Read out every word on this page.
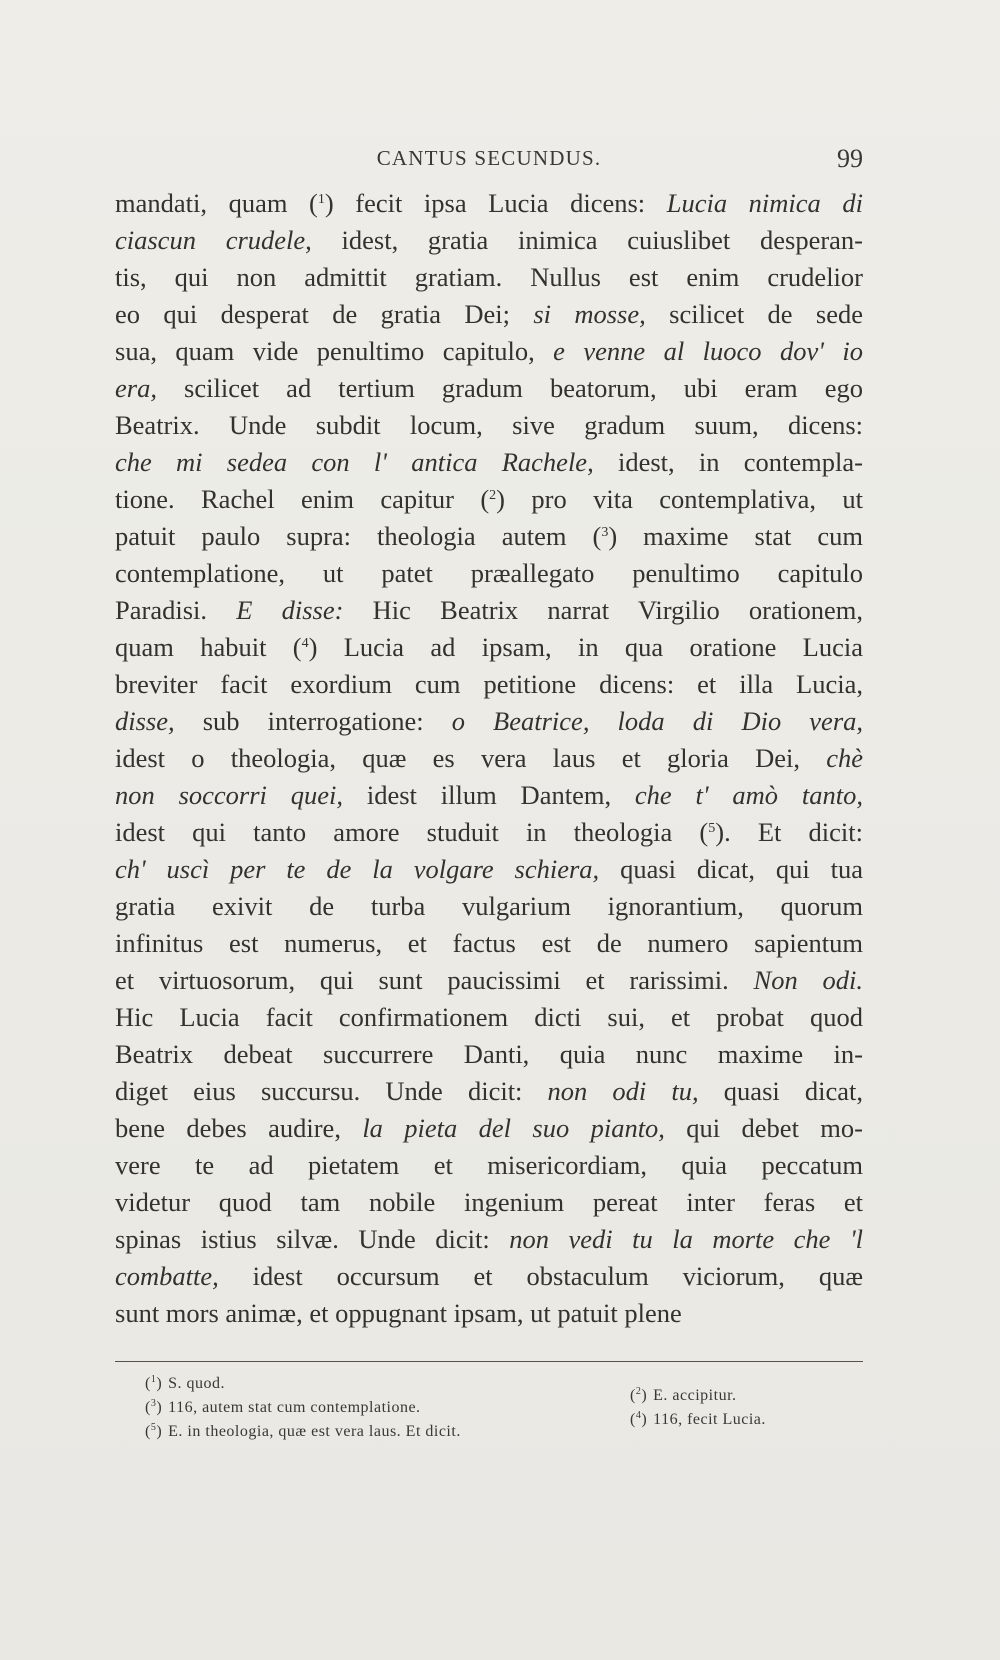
CANTUS SECUNDUS.	99
mandati, quam ($^1$) fecit ipsa Lucia dicens: Lucia nimica di
ciascun crudele, idest, gratia inimica cuiuslibet desperan-
tis, qui non admittit gratiam. Nullus est enim crudelior
eo qui desperat de gratia Dei; si mosse, scilicet de sede
sua, quam vide penultimo capitulo, e venne al luoco dov' io
era, scilicet ad tertium gradum beatorum, ubi eram ego
Beatrix. Unde subdit locum, sive gradum suum, dicens:
che mi sedea con l' antica Rachele, idest, in contempla-
tione. Rachel enim capitur ($^2$) pro vita contemplativa, ut
patuit paulo supra: theologia autem ($^3$) maxime stat cum
contemplatione, ut patet præallegato penultimo capitulo
Paradisi. E disse: Hic Beatrix narrat Virgilio orationem,
quam habuit ($^4$) Lucia ad ipsam, in qua oratione Lucia
breviter facit exordium cum petitione dicens: et illa Lucia,
disse, sub interrogatione: o Beatrice, loda di Dio vera,
idest o theologia, quæ es vera laus et gloria Dei, chè
non soccorri quei, idest illum Dantem, che t' amò tanto,
idest qui tanto amore studuit in theologia ($^5$). Et dicit:
ch' uscì per te de la volgare schiera, quasi dicat, qui tua
gratia exivit de turba vulgarium ignorantium, quorum
infinitus est numerus, et factus est de numero sapientum
et virtuosorum, qui sunt paucissimi et rarissimi. Non odi.
Hic Lucia facit confirmationem dicti sui, et probat quod
Beatrix debeat succurrere Danti, quia nunc maxime in-
diget eius succursu. Unde dicit: non odi tu, quasi dicat,
bene debes audire, la pieta del suo pianto, qui debet mo-
vere te ad pietatem et misericordiam, quia peccatum
videtur quod tam nobile ingenium pereat inter feras et
spinas istius silvæ. Unde dicit: non vedi tu la morte che 'l
combatte, idest occursum et obstaculum viciorum, quæ
sunt mors animæ, et oppugnant ipsam, ut patuit plene
($^1$) S. quod.
($^3$) 116, autem stat cum contemplatione.
($^5$) E. in theologia, quæ est vera laus. Et dicit.
($^2$) E. accipitur.
($^4$) 116, fecit Lucia.
